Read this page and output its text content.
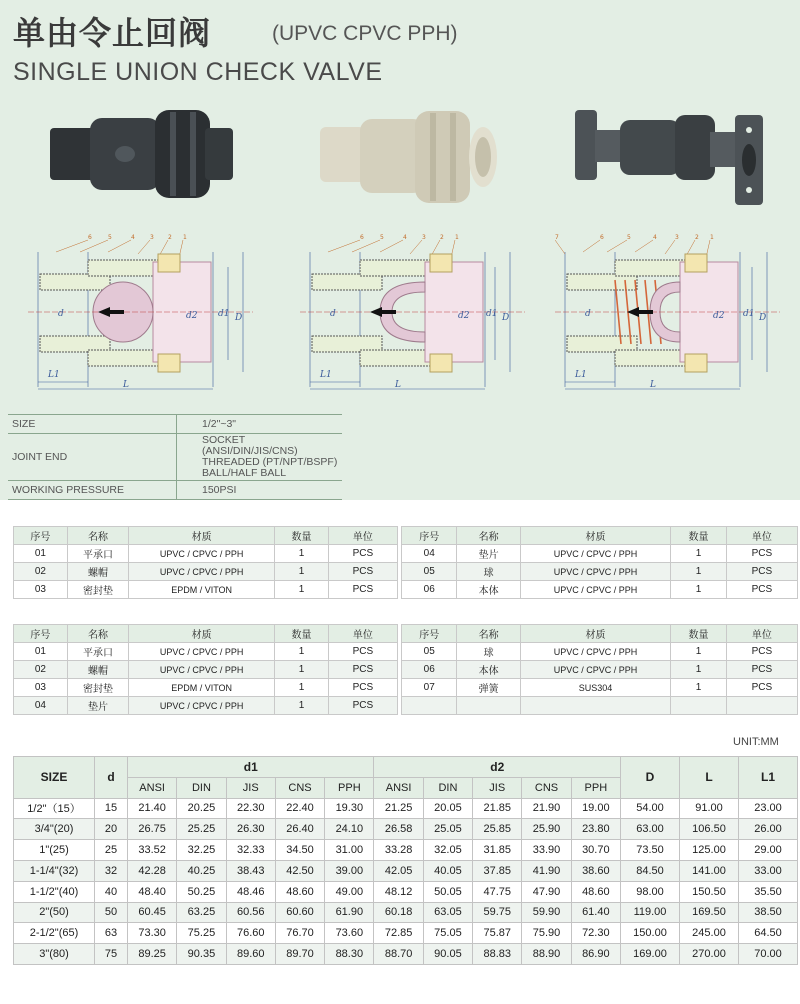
单由令止回阀	(UPVC CPVC PPH)
SINGLE UNION CHECK VALVE
6	5	4	3 2 1
d	d2 d1 D
L1
L
6	5	4	3 2 1
d	d2 d1 D
L1
L
7	6	5	4	3	2 1
d	d2 d1 D
L1
L
SIZE	1/2"~3"
JOINT END	SOCKET (ANSI/DIN/JIS/CNS)
THREADED (PT/NPT/BSPF)
BALL/HALF BALL

WORKING PRESSURE	150PSI
序号	名称	材质	数量	单位
01	平承口	UPVC / CPVC / PPH	1	PCS
02	螺帽	UPVC / CPVC / PPH	1	PCS
03	密封垫	EPDM / VITON	1	PCS
序号	名称	材质	数量	单位
04	垫片	UPVC / CPVC / PPH	1	PCS
05	球	UPVC / CPVC / PPH	1	PCS
06	本体	UPVC / CPVC / PPH	1	PCS
序号	名称	材质	数量	单位
01	平承口	UPVC / CPVC / PPH	1	PCS
02	螺帽	UPVC / CPVC / PPH	1	PCS
03	密封垫	EPDM / VITON	1	PCS
04	垫片	UPVC / CPVC / PPH	1	PCS
序号	名称	材质	数量	单位
05	球	UPVC / CPVC / PPH	1	PCS
06	本体	UPVC / CPVC / PPH	1	PCS
07	弹簧	SUS304	1	PCS

UNIT:MM
SIZE	d	d1					d2					D	L	L1
		ANSI	DIN	JIS	CNS	PPH	ANSI	DIN	JIS	CNS	PPH			
1/2"（15）	15	21.40	20.25	22.30	22.40	19.30	21.25	20.05	21.85	21.90	19.00	54.00	91.00	23.00
3/4"(20)	20	26.75	25.25	26.30	26.40	24.10	26.58	25.05	25.85	25.90	23.80	63.00	106.50	26.00
1"(25)	25	33.52	32.25	32.33	34.50	31.00	33.28	32.05	31.85	33.90	30.70	73.50	125.00	29.00
1-1/4"(32)	32	42.28	40.25	38.43	42.50	39.00	42.05	40.05	37.85	41.90	38.60	84.50	141.00	33.00
1-1/2"(40)	40	48.40	50.25	48.46	48.60	49.00	48.12	50.05	47.75	47.90	48.60	98.00	150.50	35.50
2"(50)	50	60.45	63.25	60.56	60.60	61.90	60.18	63.05	59.75	59.90	61.40	119.00	169.50	38.50
2-1/2"(65)	63	73.30	75.25	76.60	76.70	73.60	72.85	75.05	75.87	75.90	72.30	150.00	245.00	64.50
3"(80)	75	89.25	90.35	89.60	89.70	88.30	88.70	90.05	88.83	88.90	86.90	169.00	270.00	70.00
